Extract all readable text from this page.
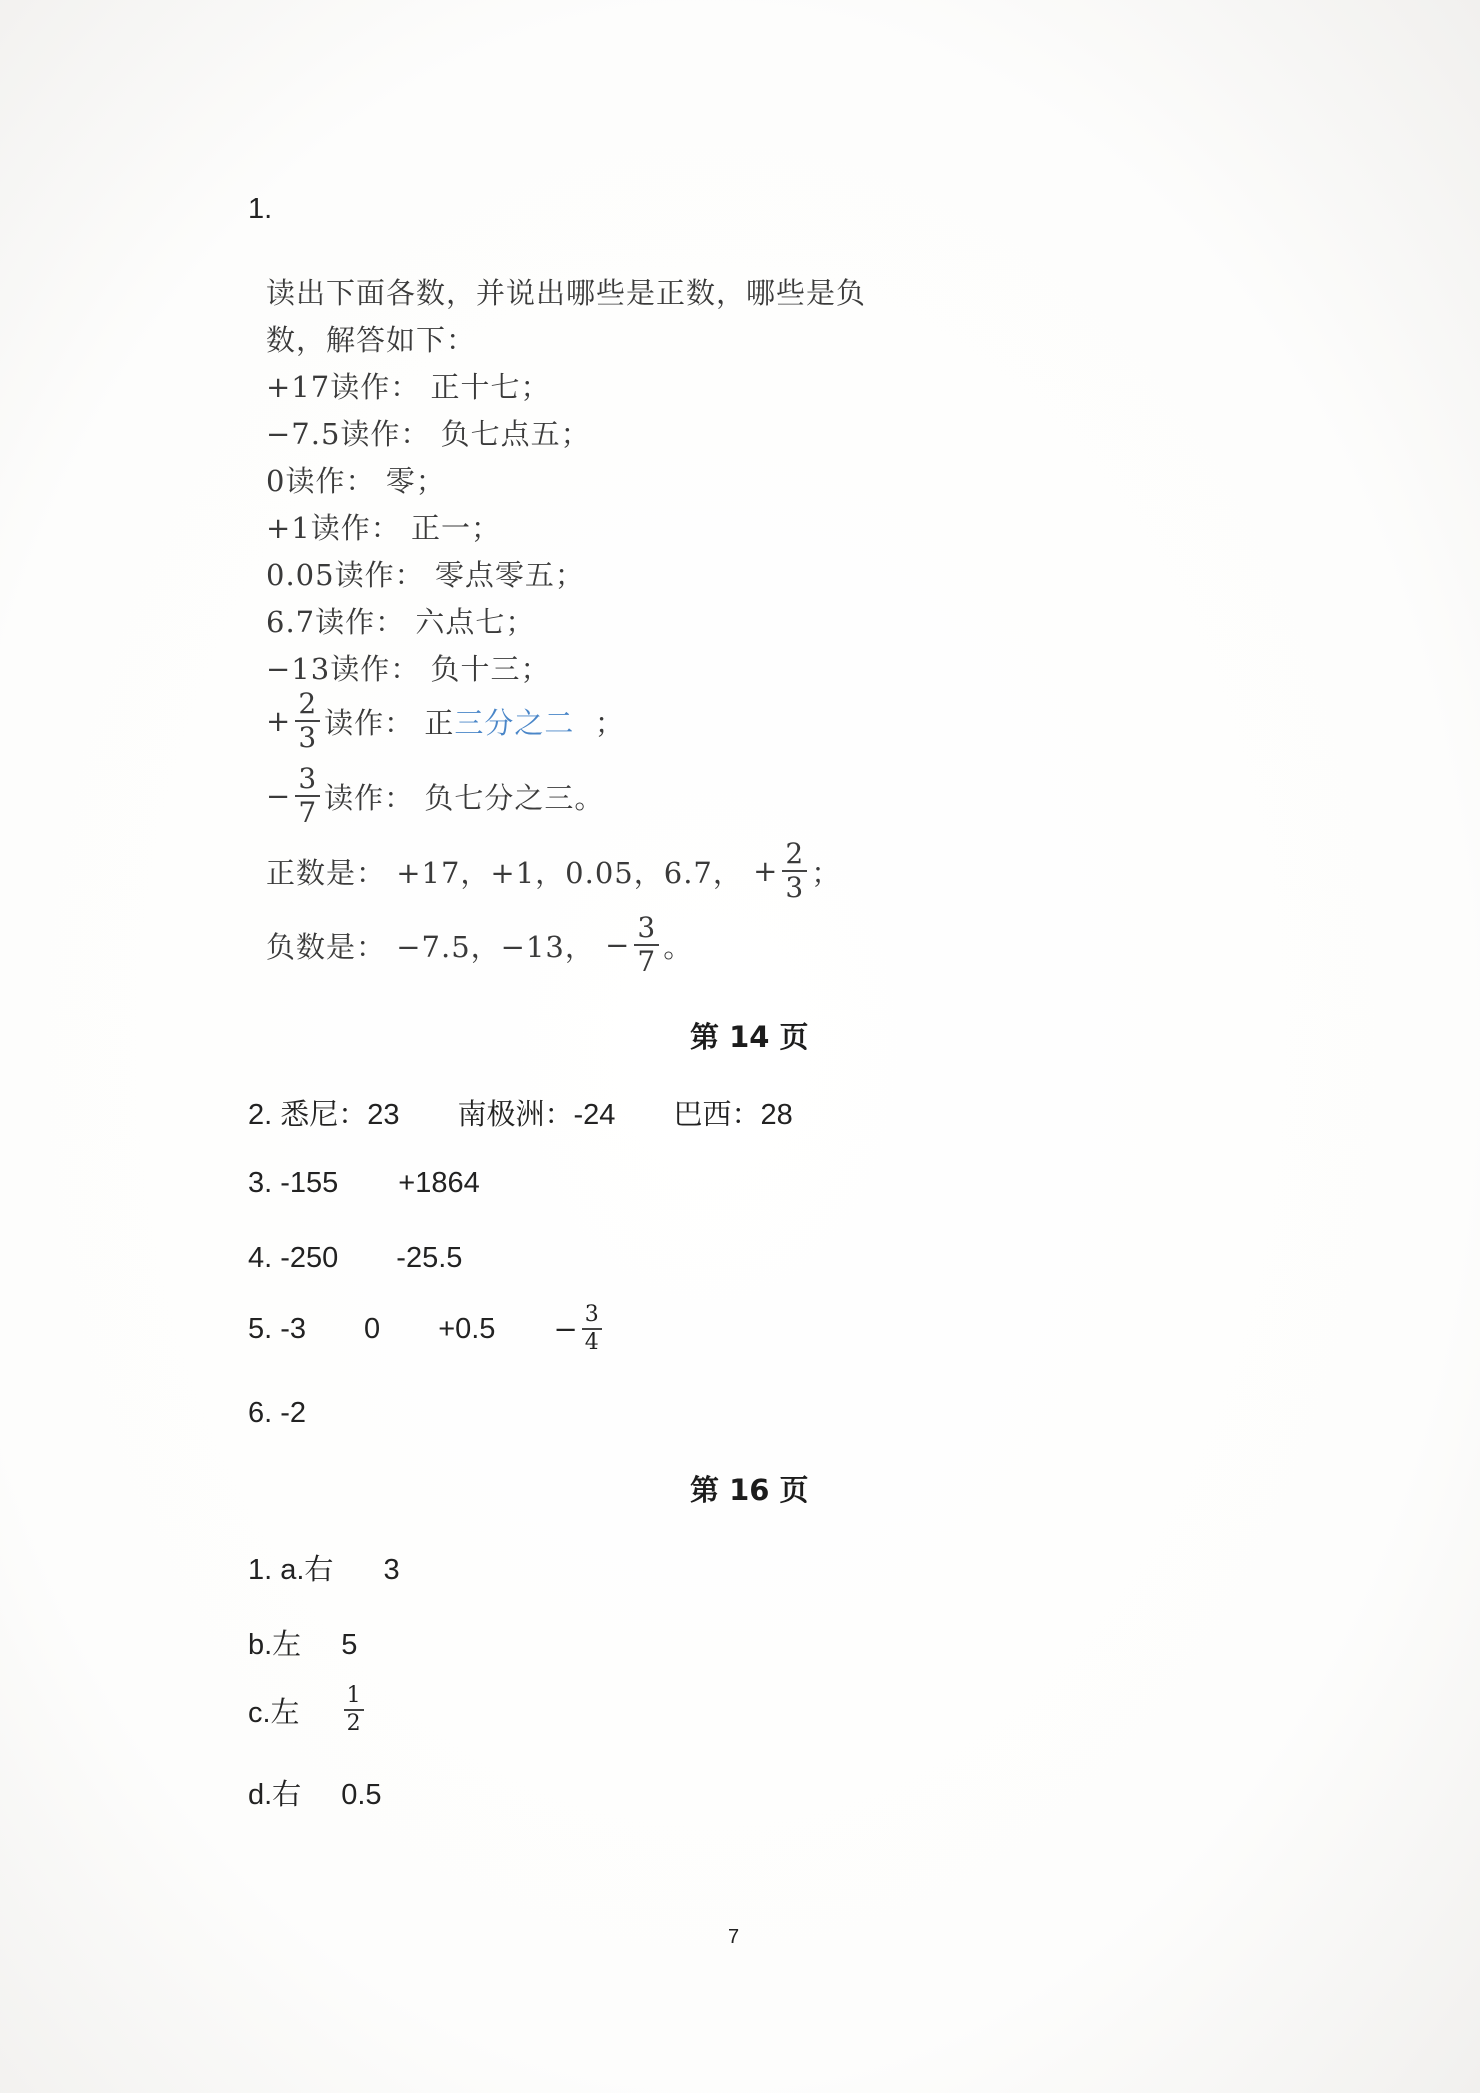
1.
读出下面各数，并说出哪些是正数，哪些是负
数，解答如下：
+17读作： 正十七；
−7.5读作： 负七点五；
0读作： 零；
+1读作： 正一；
0.05读作： 零点零五；
6.7读作： 六点七；
−13读作： 负十三；
+ $\frac{2}{3}$ 读作：
正 三分之二
；
− $\frac{3}{7}$ 读作：
负七分之三。
正数是：
+17，+1，0.05，6.7，
+ $\frac{2}{3}$ ；
负数是：
−7.5，−13，
− $\frac{3}{7}$ 。
第 14 页
2. 悉尼：23 南极洲：-24 巴西：28
3. -155 +1864
4. -250 -25.5
5.
-3 $0 +0.5 - \frac{3}{4}$
6. -2
第 16 页
1. a.右 3
b.左 5
c.左 $\frac{1}{2}$
d.右 0.5
7
